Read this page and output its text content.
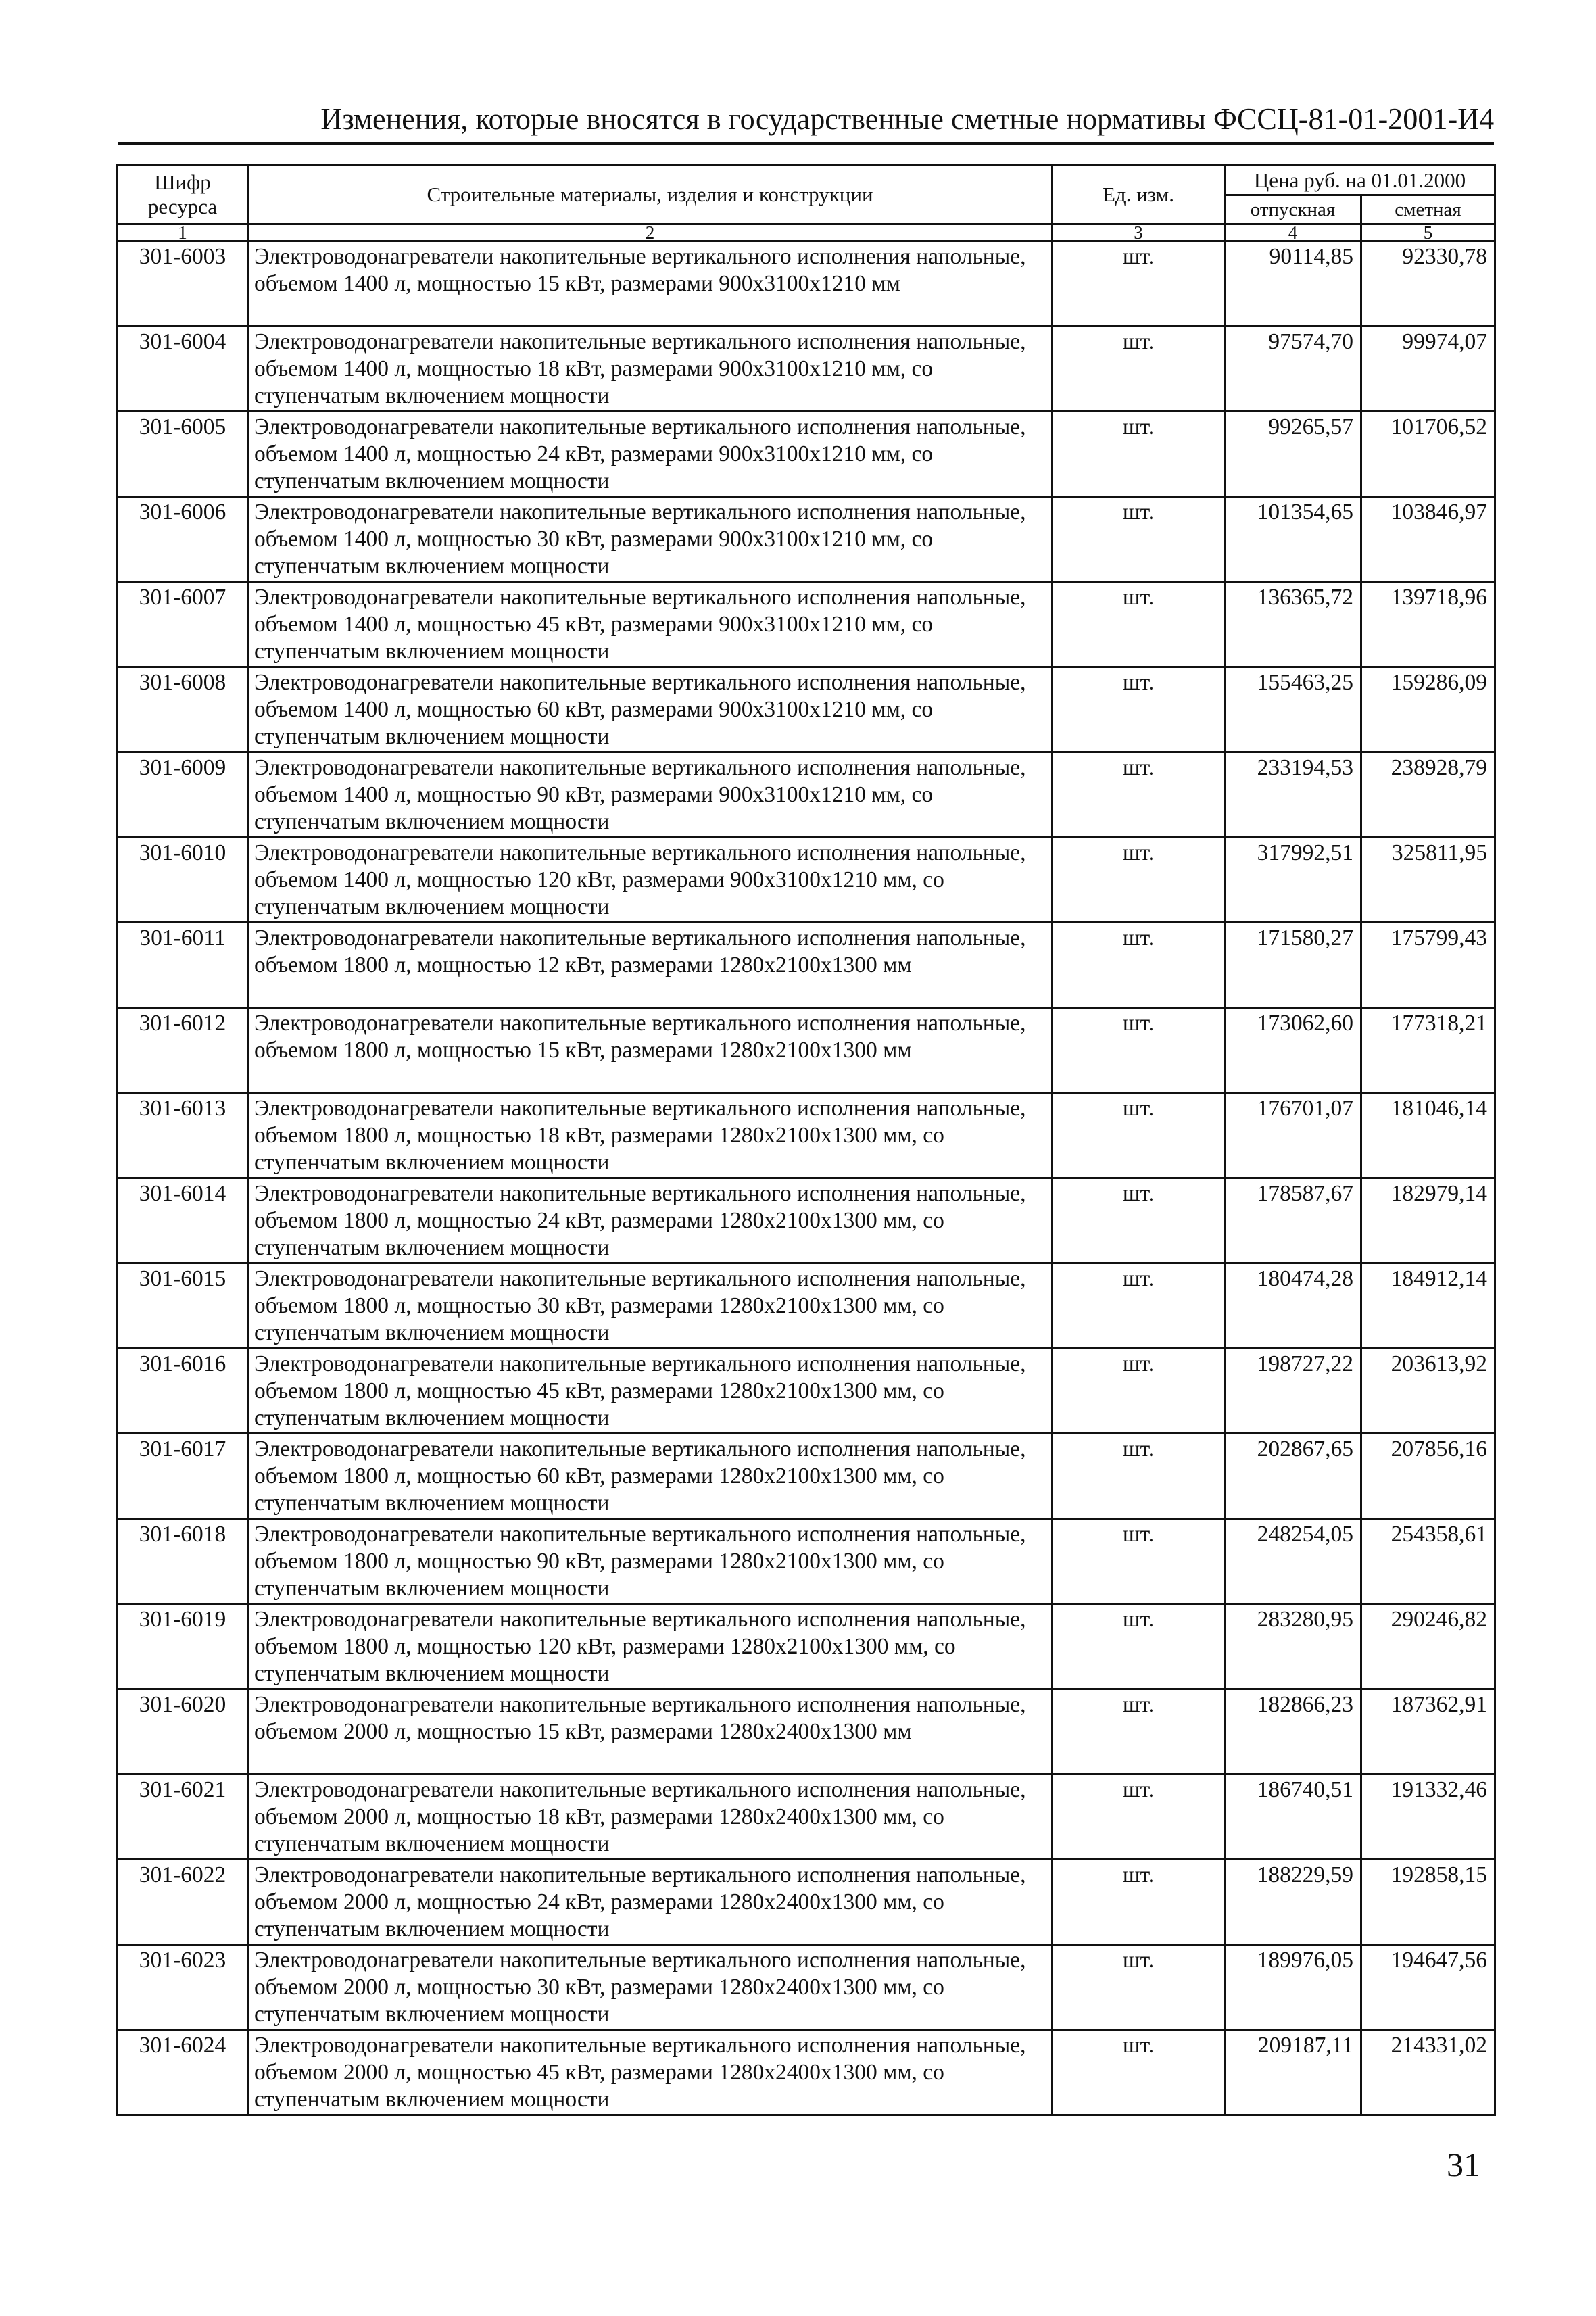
Изменения, которые вносятся в государственные сметные нормативы ФССЦ-81-01-2001-И4
Шифр ресурса	Строительные материалы, изделия и конструкции	Ед. изм.	Цена руб. на 01.01.2000	
			отпускная	сметная
1	2	3	4	5
301-6003	Электроводонагреватели накопительные вертикального исполнения напольные, объемом 1400 л, мощностью 15 кВт, размерами 900х3100х1210 мм	шт.	90114,85	92330,78
301-6004	Электроводонагреватели накопительные вертикального исполнения напольные, объемом 1400 л, мощностью 18 кВт, размерами 900х3100х1210 мм, со ступенчатым включением мощности	шт.	97574,70	99974,07
301-6005	Электроводонагреватели накопительные вертикального исполнения напольные, объемом 1400 л, мощностью 24 кВт, размерами 900х3100х1210 мм, со ступенчатым включением мощности	шт.	99265,57	101706,52
301-6006	Электроводонагреватели накопительные вертикального исполнения напольные, объемом 1400 л, мощностью 30 кВт, размерами 900х3100х1210 мм, со ступенчатым включением мощности	шт.	101354,65	103846,97
301-6007	Электроводонагреватели накопительные вертикального исполнения напольные, объемом 1400 л, мощностью 45 кВт, размерами 900х3100х1210 мм, со ступенчатым включением мощности	шт.	136365,72	139718,96
301-6008	Электроводонагреватели накопительные вертикального исполнения напольные, объемом 1400 л, мощностью 60 кВт, размерами 900х3100х1210 мм, со ступенчатым включением мощности	шт.	155463,25	159286,09
301-6009	Электроводонагреватели накопительные вертикального исполнения напольные, объемом 1400 л, мощностью 90 кВт, размерами 900х3100х1210 мм, со ступенчатым включением мощности	шт.	233194,53	238928,79
301-6010	Электроводонагреватели накопительные вертикального исполнения напольные, объемом 1400 л, мощностью 120 кВт, размерами 900х3100х1210 мм, со ступенчатым включением мощности	шт.	317992,51	325811,95
301-6011	Электроводонагреватели накопительные вертикального исполнения напольные, объемом 1800 л, мощностью 12 кВт, размерами 1280х2100х1300 мм	шт.	171580,27	175799,43
301-6012	Электроводонагреватели накопительные вертикального исполнения напольные, объемом 1800 л, мощностью 15 кВт, размерами 1280х2100х1300 мм	шт.	173062,60	177318,21
301-6013	Электроводонагреватели накопительные вертикального исполнения напольные, объемом 1800 л, мощностью 18 кВт, размерами 1280х2100х1300 мм, со ступенчатым включением мощности	шт.	176701,07	181046,14
301-6014	Электроводонагреватели накопительные вертикального исполнения напольные, объемом 1800 л, мощностью 24 кВт, размерами 1280х2100х1300 мм, со ступенчатым включением мощности	шт.	178587,67	182979,14
301-6015	Электроводонагреватели накопительные вертикального исполнения напольные, объемом 1800 л, мощностью 30 кВт, размерами 1280х2100х1300 мм, со ступенчатым включением мощности	шт.	180474,28	184912,14
301-6016	Электроводонагреватели накопительные вертикального исполнения напольные, объемом 1800 л, мощностью 45 кВт, размерами 1280х2100х1300 мм, со ступенчатым включением мощности	шт.	198727,22	203613,92
301-6017	Электроводонагреватели накопительные вертикального исполнения напольные, объемом 1800 л, мощностью 60 кВт, размерами 1280х2100х1300 мм, со ступенчатым включением мощности	шт.	202867,65	207856,16
301-6018	Электроводонагреватели накопительные вертикального исполнения напольные, объемом 1800 л, мощностью 90 кВт, размерами 1280х2100х1300 мм, со ступенчатым включением мощности	шт.	248254,05	254358,61
301-6019	Электроводонагреватели накопительные вертикального исполнения напольные, объемом 1800 л, мощностью 120 кВт, размерами 1280х2100х1300 мм, со ступенчатым включением мощности	шт.	283280,95	290246,82
301-6020	Электроводонагреватели накопительные вертикального исполнения напольные, объемом 2000 л, мощностью 15 кВт, размерами 1280х2400х1300 мм	шт.	182866,23	187362,91
301-6021	Электроводонагреватели накопительные вертикального исполнения напольные, объемом 2000 л, мощностью 18 кВт, размерами 1280х2400х1300 мм, со ступенчатым включением мощности	шт.	186740,51	191332,46
301-6022	Электроводонагреватели накопительные вертикального исполнения напольные, объемом 2000 л, мощностью 24 кВт, размерами 1280х2400х1300 мм, со ступенчатым включением мощности	шт.	188229,59	192858,15
301-6023	Электроводонагреватели накопительные вертикального исполнения напольные, объемом 2000 л, мощностью 30 кВт, размерами 1280х2400х1300 мм, со ступенчатым включением мощности	шт.	189976,05	194647,56
301-6024	Электроводонагреватели накопительные вертикального исполнения напольные, объемом 2000 л, мощностью 45 кВт, размерами 1280х2400х1300 мм, со ступенчатым включением мощности	шт.	209187,11	214331,02
31
